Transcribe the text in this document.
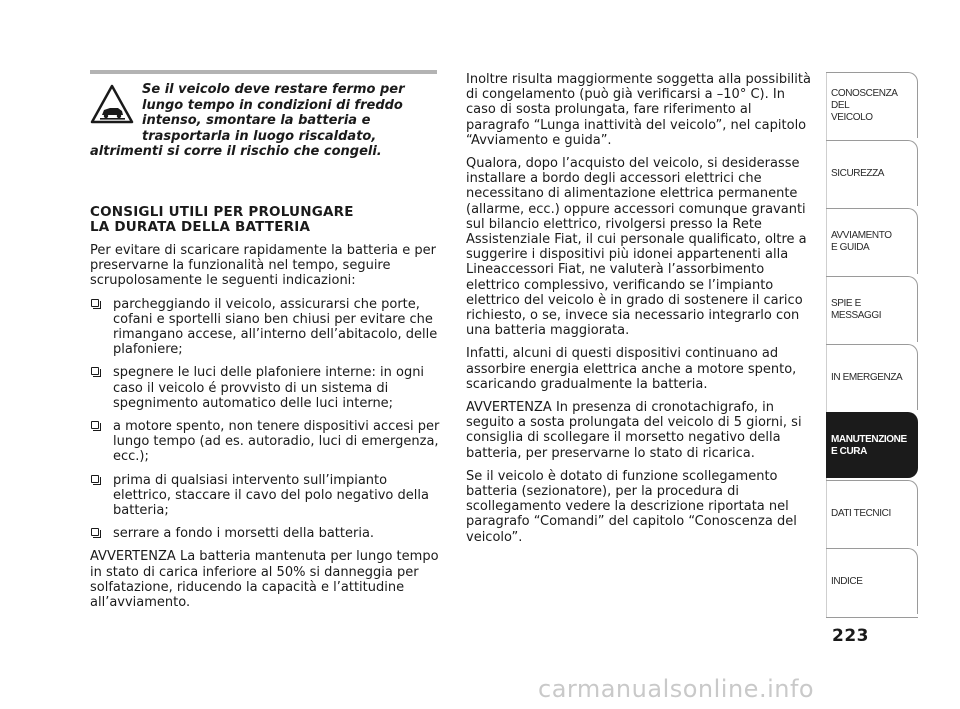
Se il veicolo deve restare fermo per lungo tempo in condizioni di freddo intenso, smontare la batteria e trasportarla in luogo riscaldato, altrimenti si corre il rischio che congeli.
CONSIGLI UTILI PER PROLUNGARE
LA DURATA DELLA BATTERIA
Per evitare di scaricare rapidamente la batteria e per preservarne la funzionalità nel tempo, seguire scrupolosamente le seguenti indicazioni:
parcheggiando il veicolo, assicurarsi che porte, cofani e sportelli siano ben chiusi per evitare che rimangano accese, all’interno dell’abitacolo, delle plafoniere;
spegnere le luci delle plafoniere interne: in ogni caso il veicolo é provvisto di un sistema di spegnimento automatico delle luci interne;
a motore spento, non tenere dispositivi accesi per lungo tempo (ad es. autoradio, luci di emergenza, ecc.);
prima di qualsiasi intervento sull’impianto elettrico, staccare il cavo del polo negativo della batteria;
serrare a fondo i morsetti della batteria.
AVVERTENZA La batteria mantenuta per lungo tempo in stato di carica inferiore al 50% si danneggia per solfatazione, riducendo la capacità e l’attitudine all’avviamento.
Inoltre risulta maggiormente soggetta alla possibilità di congelamento (può già verificarsi a –10° C). In caso di sosta prolungata, fare riferimento al paragrafo “Lunga inattività del veicolo”, nel capitolo “Avviamento e guida”.
Qualora, dopo l’acquisto del veicolo, si desiderasse installare a bordo degli accessori elettrici che necessitano di alimentazione elettrica permanente (allarme, ecc.) oppure accessori comunque gravanti sul bilancio elettrico, rivolgersi presso la Rete Assistenziale Fiat, il cui personale qualificato, oltre a suggerire i dispositivi più idonei appartenenti alla Lineaccessori Fiat, ne valuterà l’assorbimento elettrico complessivo, verificando se l’impianto elettrico del veicolo è in grado di sostenere il carico richiesto, o se, invece sia necessario integrarlo con una batteria maggiorata.
Infatti, alcuni di questi dispositivi continuano ad assorbire energia elettrica anche a motore spento, scaricando gradualmente la batteria.
AVVERTENZA In presenza di cronotachigrafo, in seguito a sosta prolungata del veicolo di 5 giorni, si consiglia di scollegare il morsetto negativo della batteria, per preservarne lo stato di ricarica.
Se il veicolo è dotato di funzione scollegamento batteria (sezionatore), per la procedura di scollegamento vedere la descrizione riportata nel paragrafo “Comandi” del capitolo “Conoscenza del veicolo”.
CONOSCENZA
DEL
VEICOLO
SICUREZZA
AVVIAMENTO
E GUIDA
SPIE E
MESSAGGI
IN EMERGENZA
MANUTENZIONE
E CURA
DATI TECNICI
INDICE
223
carmanualsonline.info
